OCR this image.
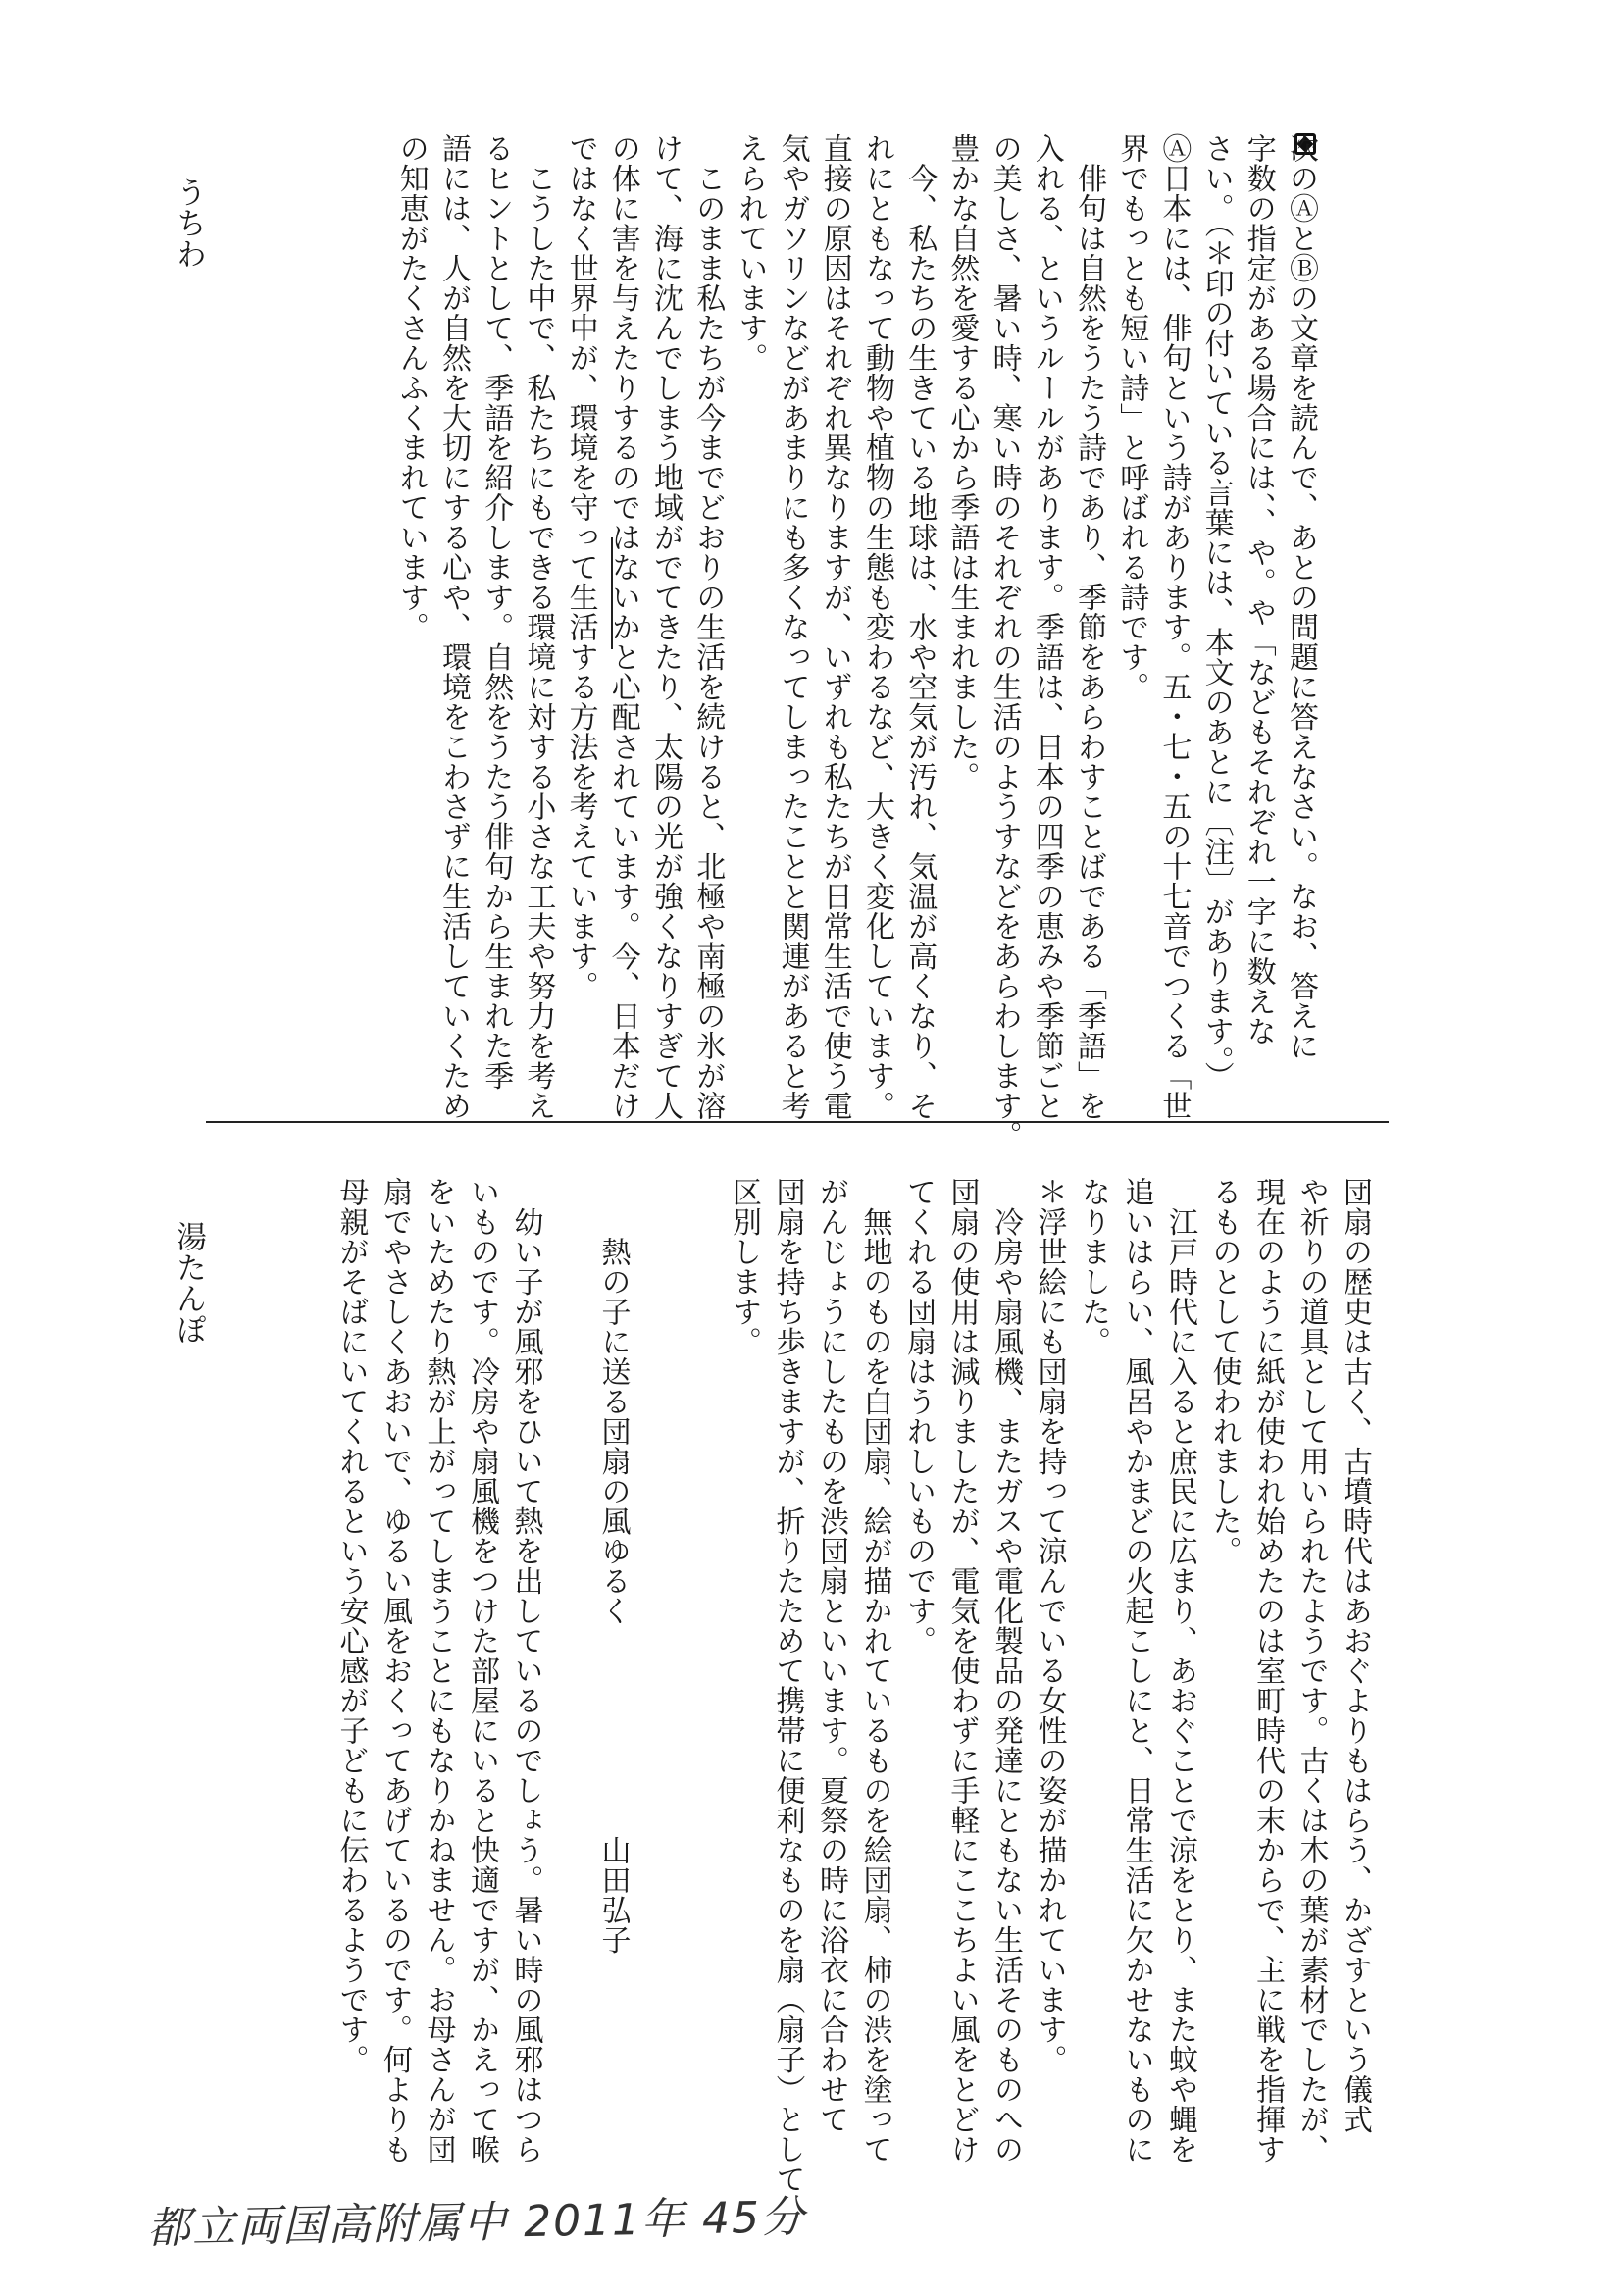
うちわ
湯たんぽ
都立両国高附属中 2011年 45分
次のⒶとⒷの文章を読んで、あとの問題に答えなさい。なお、答えに
字数の指定がある場合には、、や。や「などもそれぞれ一字に数えな
さい。（＊印の付いている言葉には、本文のあとに〔注〕があります。）
Ⓐ日本には、俳句という詩があります。五・七・五の十七音でつくる「世
界でもっとも短い詩」と呼ばれる詩です。
　俳句は自然をうたう詩であり、季節をあらわすことばである「季語」を
入れる、というルールがあります。季語は、日本の四季の恵みや季節ごと
の美しさ、暑い時、寒い時のそれぞれの生活のようすなどをあらわします。
豊かな自然を愛する心から季語は生まれました。
　今、私たちの生きている地球は、水や空気が汚れ、気温が高くなり、そ
れにともなって動物や植物の生態も変わるなど、大きく変化しています。
直接の原因はそれぞれ異なりますが、いずれも私たちが日常生活で使う電
気やガソリンなどがあまりにも多くなってしまったことと関連があると考
えられています。
　このまま私たちが今までどおりの生活を続けると、北極や南極の氷が溶
けて、海に沈んでしまう地域がでてきたり、太陽の光が強くなりすぎて人
の体に害を与えたりするのではないかと心配されています。今、日本だけ
ではなく世界中が、環境を守って生活する方法を考えています。
　こうした中で、私たちにもできる環境に対する小さな工夫や努力を考え
るヒントとして、季語を紹介します。自然をうたう俳句から生まれた季
語には、人が自然を大切にする心や、環境をこわさずに生活していくため
の知恵がたくさんふくまれています。
団扇の歴史は古く、古墳時代はあおぐよりもはらう、かざすという儀式
や祈りの道具として用いられたようです。古くは木の葉が素材でしたが、
現在のように紙が使われ始めたのは室町時代の末からで、主に戦を指揮す
るものとして使われました。
　江戸時代に入ると庶民に広まり、あおぐことで涼をとり、また蚊や蝿を
追いはらい、風呂やかまどの火起こしにと、日常生活に欠かせないものに
なりました。
＊浮世絵にも団扇を持って涼んでいる女性の姿が描かれています。
　冷房や扇風機、またガスや電化製品の発達にともない生活そのものへの
団扇の使用は減りましたが、電気を使わずに手軽にここちよい風をとどけ
てくれる団扇はうれしいものです。
　無地のものを白団扇、絵が描かれているものを絵団扇、柿の渋を塗って
がんじょうにしたものを渋団扇といいます。夏祭の時に浴衣に合わせて
団扇を持ち歩きますが、折りたためて携帯に便利なものを扇（扇子）として
区別します。
　　熱の子に送る団扇の風ゆるく　　　　　　　山田弘子
　幼い子が風邪をひいて熱を出しているのでしょう。暑い時の風邪はつら
いものです。冷房や扇風機をつけた部屋にいると快適ですが、かえって喉
をいためたり熱が上がってしまうことにもなりかねません。お母さんが団
扇でやさしくあおいで、ゆるい風をおくってあげているのです。何よりも
母親がそばにいてくれるという安心感が子どもに伝わるようです。
